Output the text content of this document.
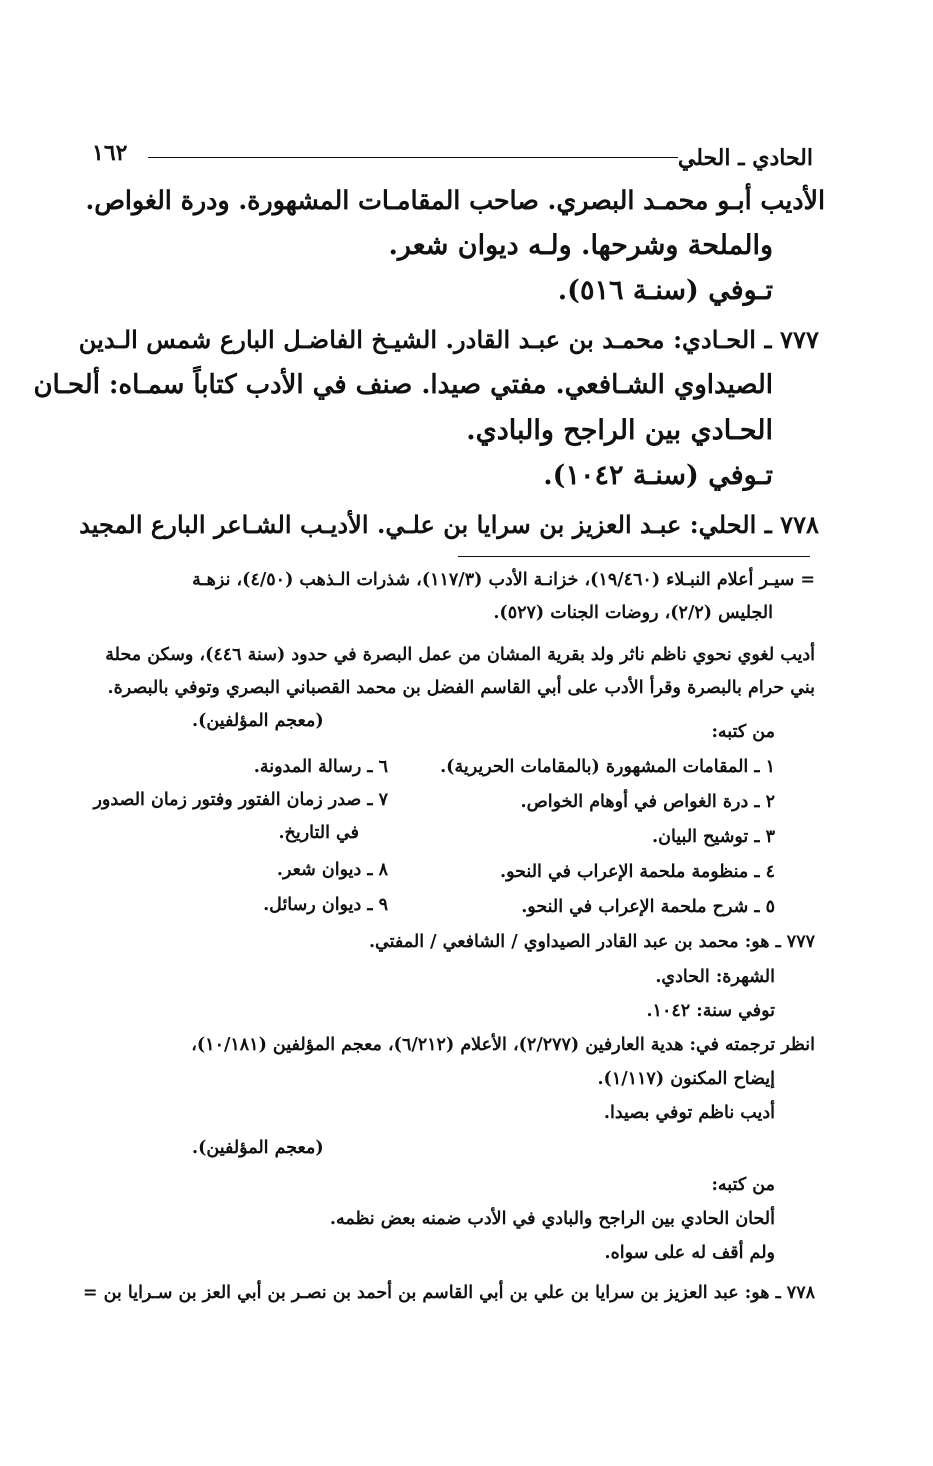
الحادي ـ الحلي
١٦٢
الأديب أبـو محمـد البصري. صاحب المقامـات المشهورة. ودرة الغواص.
والملحة وشرحها. ولـه ديوان شعر.
تـوفي (سنـة ٥١٦).
٧٧٧ ـ الحـادي: محمـد بن عبـد القادر. الشيـخ الفاضـل البارع شمس الـدين
الصيداوي الشـافعي. مفتي صيدا. صنف في الأدب كتاباً سمـاه: ألحـان
الحـادي بين الراجح والبادي.
تـوفي (سنـة ١٠٤٢).
٧٧٨ ـ الحلي: عبـد العزيز بن سرايا بن علـي. الأديـب الشـاعر البارع المجيد
= سيـر أعلام النبـلاء (١٩/٤٦٠)، خزانـة الأدب (١١٧/٣)، شذرات الـذهب (٤/٥٠)، نزهـة
الجليس (٢/٢)، روضات الجنات (٥٢٧).
أديب لغوي نحوي ناظم ناثر ولد بقرية المشان من عمل البصرة في حدود (سنة ٤٤٦)، وسكن محلة
بني حرام بالبصرة وقرأ الأدب على أبي القاسم الفضل بن محمد القصباني البصري وتوفي بالبصرة.
(معجم المؤلفين).
من كتبه:
١ ـ المقامات المشهورة (بالمقامات الحريرية).
٢ ـ درة الغواص في أوهام الخواص.
٣ ـ توشيح البيان.
٤ ـ منظومة ملحمة الإعراب في النحو.
٥ ـ شرح ملحمة الإعراب في النحو.
٦ ـ رسالة المدونة.
٧ ـ صدر زمان الفتور وفتور زمان الصدور
في التاريخ.
٨ ـ ديوان شعر.
٩ ـ ديوان رسائل.
٧٧٧ ـ هو: محمد بن عبد القادر الصيداوي / الشافعي / المفتي.
الشهرة: الحادي.
توفي سنة: ١٠٤٢.
انظر ترجمته في: هدية العارفين (٢/٢٧٧)، الأعلام (٦/٢١٢)، معجم المؤلفين (١٠/١٨١)،
إيضاح المكنون (١/١١٧).
أديب ناظم توفي بصيدا.
(معجم المؤلفين).
من كتبه:
ألحان الحادي بين الراجح والبادي في الأدب ضمنه بعض نظمه.
ولم أقف له على سواه.
٧٧٨ ـ هو: عبد العزيز بن سرايا بن علي بن أبي القاسم بن أحمد بن نصـر بن أبي العز بن سـرايا بن =
